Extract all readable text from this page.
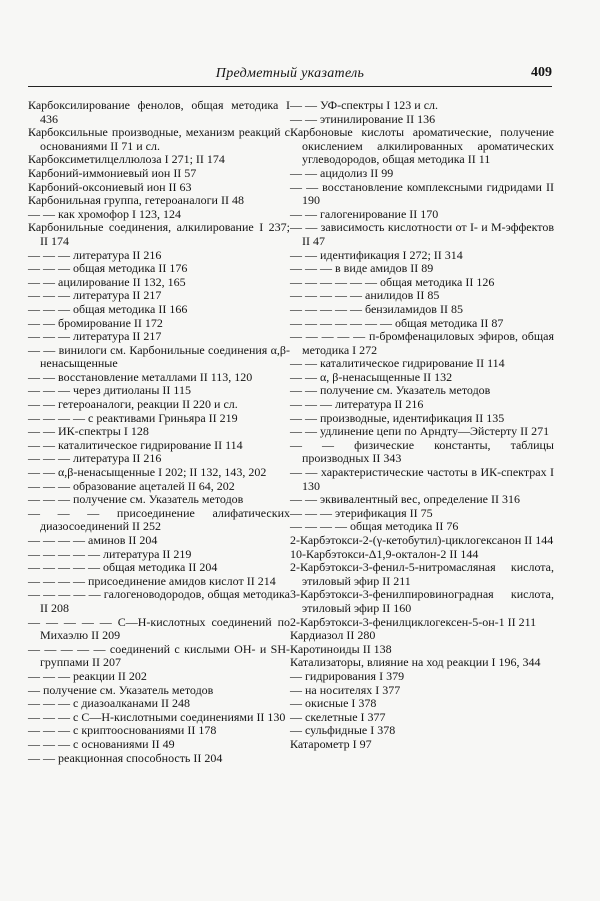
Предметный указатель	409
Карбоксилирование фенолов, общая методика I 436
Карбоксильные производные, механизм реакций с основаниями II 71 и сл.
Карбоксиметилцеллюлоза I 271; II 174
Карбоний-иммониевый ион II 57
Карбоний-оксониевый ион II 63
Карбонильная группа, гетероаналоги II 48
— — как хромофор I 123, 124
Карбонильные соединения, алкилирование I 237; II 174
— — — литература II 216
— — — общая методика II 176
— — ацилирование II 132, 165
— — — литература II 217
— — — общая методика II 166
— — бромирование II 172
— — — литература II 217
— — винилоги см. Карбонильные соединения α,β-ненасыщенные
— — восстановление металлами II 113, 120
— — — через дитиоланы II 115
— — гетероаналоги, реакции II 220 и сл.
— — — — с реактивами Гриньяра II 219
— — ИК-спектры I 128
— — каталитическое гидрирование II 114
— — — литература II 216
— — α,β-ненасыщенные I 202; II 132, 143, 202
— — — образование ацеталей II 64, 202
— — — получение см. Указатель методов
— — — присоединение алифатических диазосоединений II 252
— — — — аминов II 204
— — — — — литература II 219
— — — — — общая методика II 204
— — — — присоединение амидов кислот II 214
— — — — — галогеноводородов, общая методика II 208
— — — — — С—Н-кислотных соединений по Михаэлю II 209
— — — — — соединений с кислыми ОН- и SH-группами II 207
— — — реакции II 202
— получение см. Указатель методов
— — — с диазоалканами II 248
— — — с С—Н-кислотными соединениями II 130
— — — с криптооснованиями II 178
— — — с основаниями II 49
— — реакционная способность II 204
— — УФ-спектры I 123 и сл.
— — этинилирование II 136
Карбоновые кислоты ароматические, получение окислением алкилированных ароматических углеводородов, общая методика II 11
— — ацидолиз II 99
— — восстановление комплексными гидридами II 190
— — галогенирование II 170
— — зависимость кислотности от I- и M-эффектов II 47
— — идентификация I 272; II 314
— — — в виде амидов II 89
— — — — — — общая методика II 126
— — — — — анилидов II 85
— — — — — бензиламидов II 85
— — — — — — — общая методика II 87
— — — — — п-бромфенациловых эфиров, общая методика I 272
— — каталитическое гидрирование II 114
— — α, β-ненасыщенные II 132
— — получение см. Указатель методов
— — — литература II 216
— — производные, идентификация II 135
— — удлинение цепи по Арндту—Эйстерту II 271
— — физические константы, таблицы производных II 343
— — характеристические частоты в ИК-спектрах I 130
— — эквивалентный вес, определение II 316
— — — этерификация II 75
— — — — общая методика II 76
2-Карбэтокси-2-(γ-кетобутил)-циклогексанон II 144
10-Карбэтокси-Δ1,9-окталон-2 II 144
2-Карбэтокси-3-фенил-5-нитромасляная кислота, этиловый эфир II 211
3-Карбэтокси-3-фенилпировиноградная кислота, этиловый эфир II 160
2-Карбэтокси-3-фенилциклогексен-5-он-1 II 211
Кардиазол II 280
Каротиноиды II 138
Катализаторы, влияние на ход реакции I 196, 344
— гидрирования I 379
— на носителях I 377
— окисные I 378
— скелетные I 377
— сульфидные I 378
Катарометр I 97
